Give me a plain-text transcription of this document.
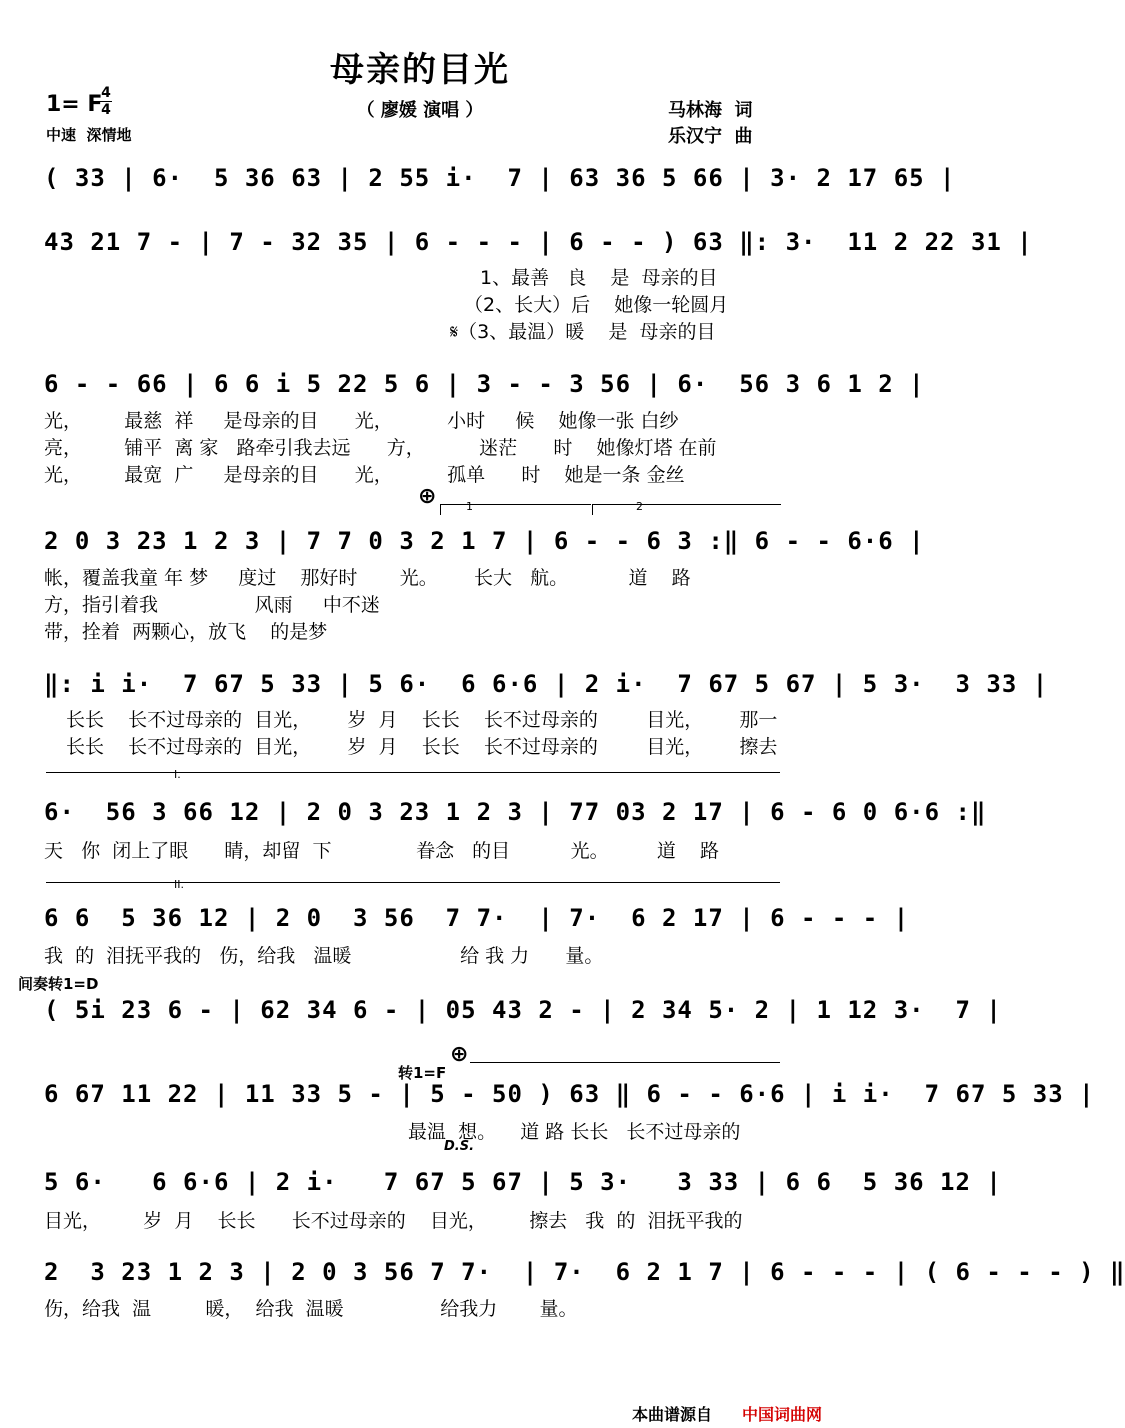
母亲的目光
1= F
4
4	（ 廖媛 演唱 ）
中速  深情地
马林海  词
乐汉宁  曲
( 33 | 6·  5 36 63 | 2 55 i·  7 | 63 36 5 66 | 3· 2 17 65 |
43 21 7 - | 7 - 32 35 | 6 - - - | 6 - - ) 63 ‖: 3·  11 2 22 31 |
1、最善   良    是  母亲的目
（2、长大）后    她像一轮圆月
𝄋（3、最温）暖    是  母亲的目
6 - - 66 | 6 6 i 5 22 5 6 | 3 - - 3 56 | 6·  56 3 6 1 2 |
光，       最慈  祥     是母亲的目      光，         小时     候    她像一张 白纱
亮，       铺平  离 家   路牵引我去远      方，         迷茫      时    她像灯塔 在前
光，       最宽  广     是母亲的目      光，         孤单      时    她是一条 金丝
⊕	1	2
2 0 3 23 1 2 3 | 7 7 0 3 2 1 7 | 6 - - 6 3 :‖ 6 - - 6·6 |
帐，覆盖我童 年 梦     度过    那好时       光。      长大   航。          道    路
方，指引着我                风雨     中不迷
带，拴着  两颗心，放飞    的是梦
‖: i i·  7 67 5 33 | 5 6·  6 6·6 | 2 i·  7 67 5 67 | 5 3·  3 33 |
长长    长不过母亲的  目光，      岁  月    长长    长不过母亲的        目光，      那一
长长    长不过母亲的  目光，      岁  月    长长    长不过母亲的        目光，      擦去
I.
6·  56 3 66 12 | 2 0 3 23 1 2 3 | 77 03 2 17 | 6 - 6 0 6·6 :‖
天   你  闭上了眼      睛，却留  下              眷念   的目          光。        道    路
II.
6 6  5 36 12 | 2 0  3 56  7 7·  | 7·  6 2 17 | 6 - - - |
我  的  泪抚平我的   伤，给我   温暖                  给 我 力      量。
间奏转1=D
( 5i 23 6 - | 62 34 6 - | 05 43 2 - | 2 34 5· 2 | 1 12 3·  7 |
转1=F
⊕
6 67 11 22 | 11 33 5 - | 5 - 50 ) 63 ‖ 6 - - 6·6 | i i·  7 67 5 33 |
最温  想。    道 路 长长   长不过母亲的
D.S.
5 6·   6 6·6 | 2 i·   7 67 5 67 | 5 3·   3 33 | 6 6  5 36 12 |
目光，       岁  月    长长      长不过母亲的    目光，       擦去   我  的  泪抚平我的
2  3 23 1 2 3 | 2 0 3 56 7 7·  | 7·  6 2 1 7 | 6 - - - | ( 6 - - - ) ‖
伤，给我  温         暖，  给我  温暖                给我力       量。
本曲谱源自 中国词曲网
